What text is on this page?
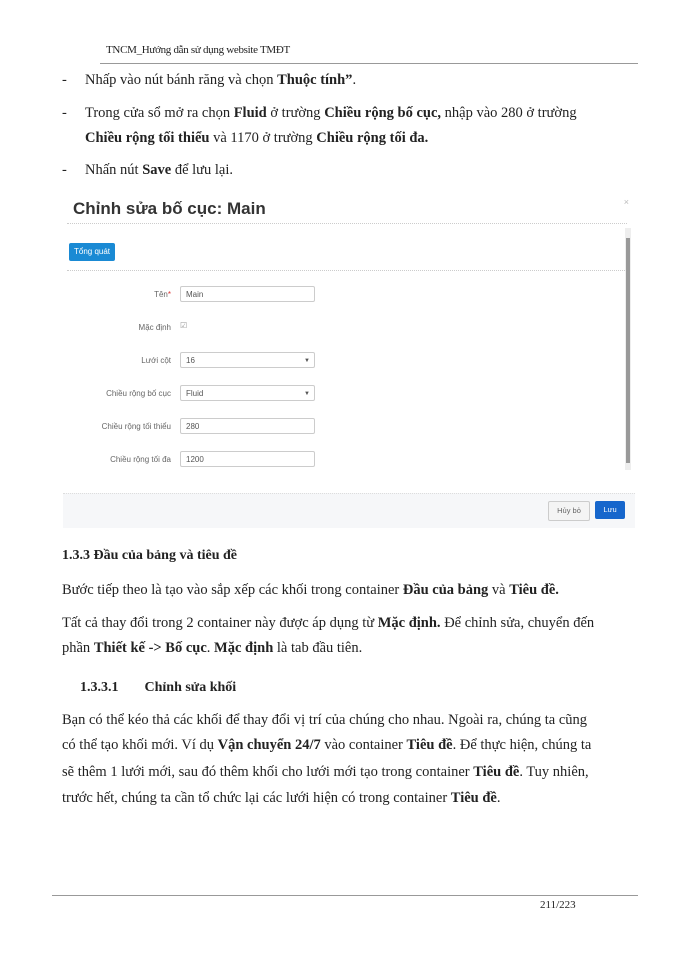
TNCM_Hướng dẫn sử dụng website TMĐT
- Nhấp vào nút bánh răng và chọn Thuộc tính”.
- Trong cửa sổ mở ra chọn Fluid ở trường Chiều rộng bố cục, nhập vào 280 ở trường
Chiều rộng tối thiểu và 1170 ở trường Chiều rộng tối đa.
- Nhấn nút Save để lưu lại.
Chỉnh sửa bố cục: Main	×
Tổng quát
Tên*	Main
Mặc định ☑
Lưới cột	16	▼
Chiều rộng bố cục	Fluid	▼
Chiều rộng tối thiểu	280
Chiều rộng tối đa	1200
Hủy bỏ	Lưu
1.3.3 Đầu của bảng và tiêu đề
Bước tiếp theo là tạo vào sắp xếp các khối trong container Đầu của bảng và Tiêu đề.
Tất cả thay đổi trong 2 container này được áp dụng từ Mặc định. Để chỉnh sửa, chuyển đến
phần Thiết kế -> Bố cục. Mặc định là tab đầu tiên.
1.3.3.1 Chỉnh sửa khối
Bạn có thể kéo thả các khối để thay đổi vị trí của chúng cho nhau. Ngoài ra, chúng ta cũng
có thể tạo khối mới. Ví dụ Vận chuyển 24/7 vào container Tiêu đề. Để thực hiện, chúng ta
sẽ thêm 1 lưới mới, sau đó thêm khối cho lưới mới tạo trong container Tiêu đề. Tuy nhiên,
trước hết, chúng ta cần tổ chức lại các lưới hiện có trong container Tiêu đề.
211/223
